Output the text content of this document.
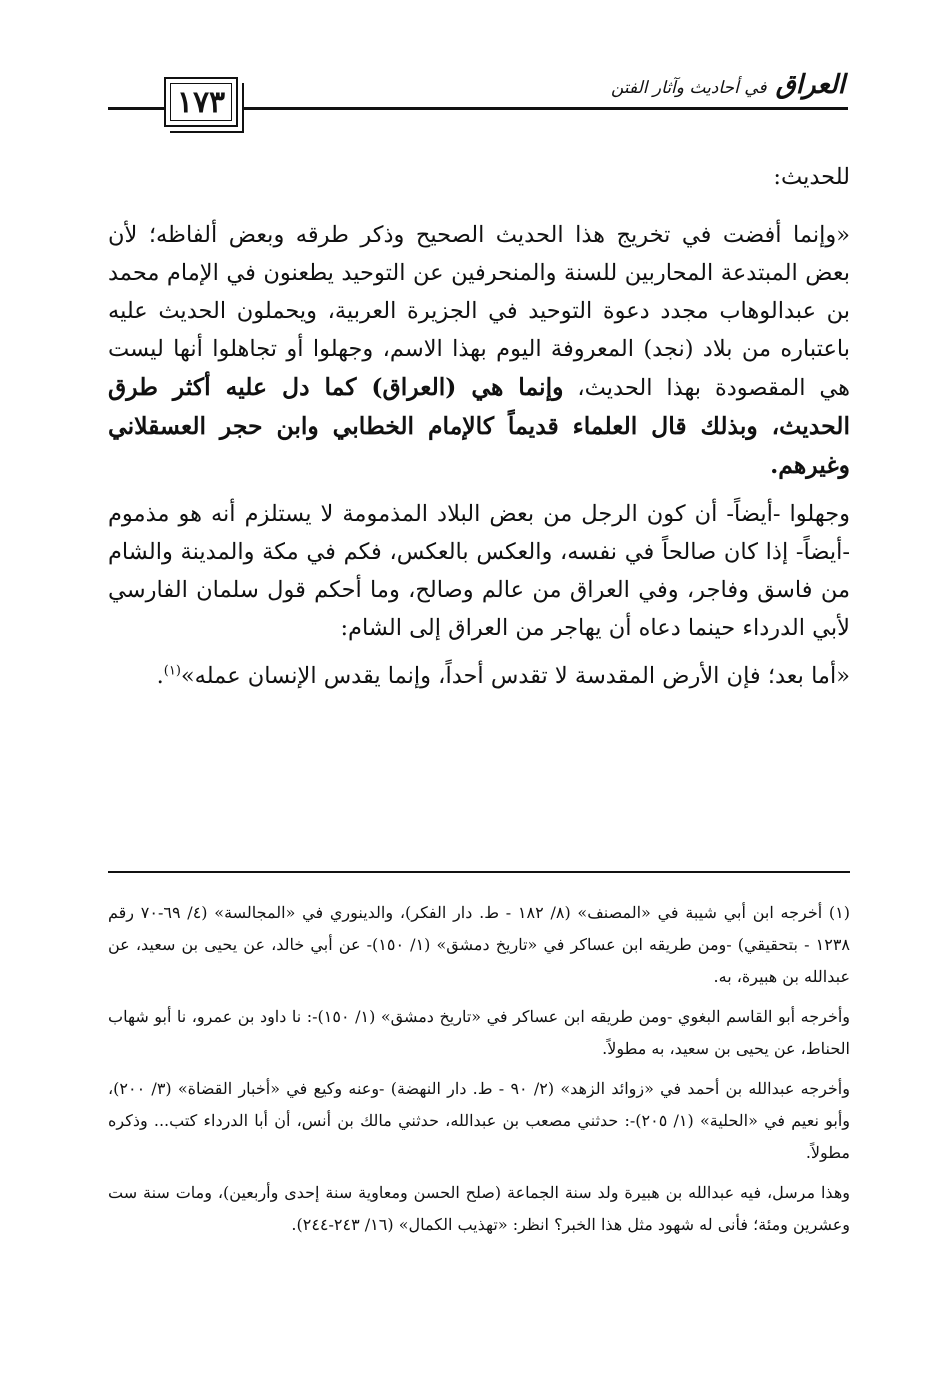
١٧٣	العراق في أحاديث وآثار الفتن

للحديث:

«وإنما أفضت في تخريج هذا الحديث الصحيح وذكر طرقه وبعض ألفاظه؛ لأن بعض المبتدعة المحاربين للسنة والمنحرفين عن التوحيد يطعنون في الإمام محمد بن عبدالوهاب مجدد دعوة التوحيد في الجزيرة العربية، ويحملون الحديث عليه باعتباره من بلاد (نجد) المعروفة اليوم بهذا الاسم، وجهلوا أو تجاهلوا أنها ليست هي المقصودة بهذا الحديث، وإنما هي (العراق) كما دل عليه أكثر طرق الحديث، وبذلك قال العلماء قديماً كالإمام الخطابي وابن حجر العسقلاني وغيرهم.

وجهلوا -أيضاً- أن كون الرجل من بعض البلاد المذمومة لا يستلزم أنه هو مذموم -أيضاً- إذا كان صالحاً في نفسه، والعكس بالعكس، فكم في مكة والمدينة والشام من فاسق وفاجر، وفي العراق من عالم وصالح، وما أحكم قول سلمان الفارسي لأبي الدرداء حينما دعاه أن يهاجر من العراق إلى الشام:

«أما بعد؛ فإن الأرض المقدسة لا تقدس أحداً، وإنما يقدس الإنسان عمله»$^{(١)}$.

(١) أخرجه ابن أبي شيبة في «المصنف» (٨/ ١٨٢ - ط. دار الفكر)، والدينوري في «المجالسة» (٤/ ٦٩-٧٠ رقم ١٢٣٨ - بتحقيقي) -ومن طريقه ابن عساكر في «تاريخ دمشق» (١/ ١٥٠)- عن أبي خالد، عن يحيى بن سعيد، عن عبدالله بن هبيرة، به.

وأخرجه أبو القاسم البغوي -ومن طريقه ابن عساكر في «تاريخ دمشق» (١/ ١٥٠)-: نا داود بن عمرو، نا أبو شهاب الحناط، عن يحيى بن سعيد، به مطولاً.

وأخرجه عبدالله بن أحمد في «زوائد الزهد» (٢/ ٩٠ - ط. دار النهضة) -وعنه وكيع في «أخبار القضاة» (٣/ ٢٠٠)، وأبو نعيم في «الحلية» (١/ ٢٠٥)-: حدثني مصعب بن عبدالله، حدثني مالك بن أنس، أن أبا الدرداء كتب... وذكره مطولاً.

وهذا مرسل، فيه عبدالله بن هبيرة ولد سنة الجماعة (صلح الحسن ومعاوية سنة إحدى وأربعين)، ومات سنة ست وعشرين ومئة؛ فأنى له شهود مثل هذا الخبر؟ انظر: «تهذيب الكمال» (١٦/ ٢٤٣-٢٤٤).
